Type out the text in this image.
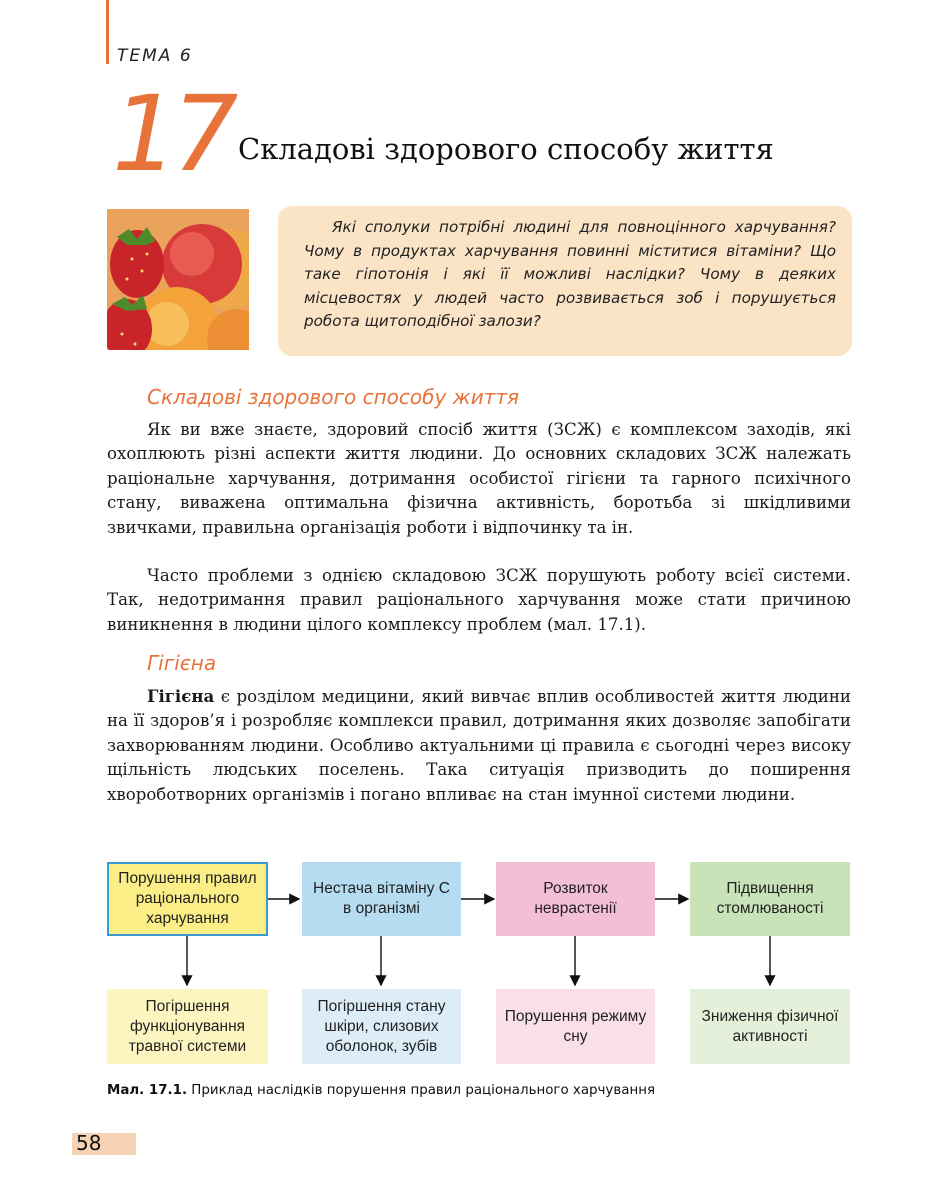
ТЕМА 6
17 Складові здорового способу життя

Які сполуки потрібні людині для повноцінного харчування? Чому в продуктах харчування повинні міститися вітаміни? Що таке гіпотонія і які її можливі наслідки? Чому в деяких місцевостях у людей часто розвивається зоб і порушується робота щитоподібної залози?

Складові здорового способу життя

Як ви вже знаєте, здоровий спосіб життя (ЗСЖ) є комплексом заходів, які охоплюють різні аспекти життя людини. До основних складових ЗСЖ належать раціональне харчування, дотримання особистої гігієни та гарного психічного стану, виважена оптимальна фізична активність, боротьба зі шкідливими звичками, правильна організація роботи і відпочинку та ін.

Часто проблеми з однією складовою ЗСЖ порушують роботу всієї системи. Так, недотримання правил раціонального харчування може стати причиною виникнення в людини цілого комплексу проблем (мал. 17.1).

Гігієна

Гігієна є розділом медицини, який вивчає вплив особливостей життя людини на її здоров’я і розробляє комплекси правил, дотримання яких дозволяє запобігати захворюванням людини. Особливо актуальними ці правила є сьогодні через високу щільність людських поселень. Така ситуація призводить до поширення хвороботворних організмів і погано впливає на стан імунної системи людини.

Порушення правил раціонального харчування
Нестача вітаміну С в організмі
Розвиток неврастенії
Підвищення стомлюваності
Погіршення функціонування травної системи
Погіршення стану шкіри, слизових оболонок, зубів
Порушення режиму сну
Зниження фізичної активності
Мал. 17.1. Приклад наслідків порушення правил раціонального харчування
58
